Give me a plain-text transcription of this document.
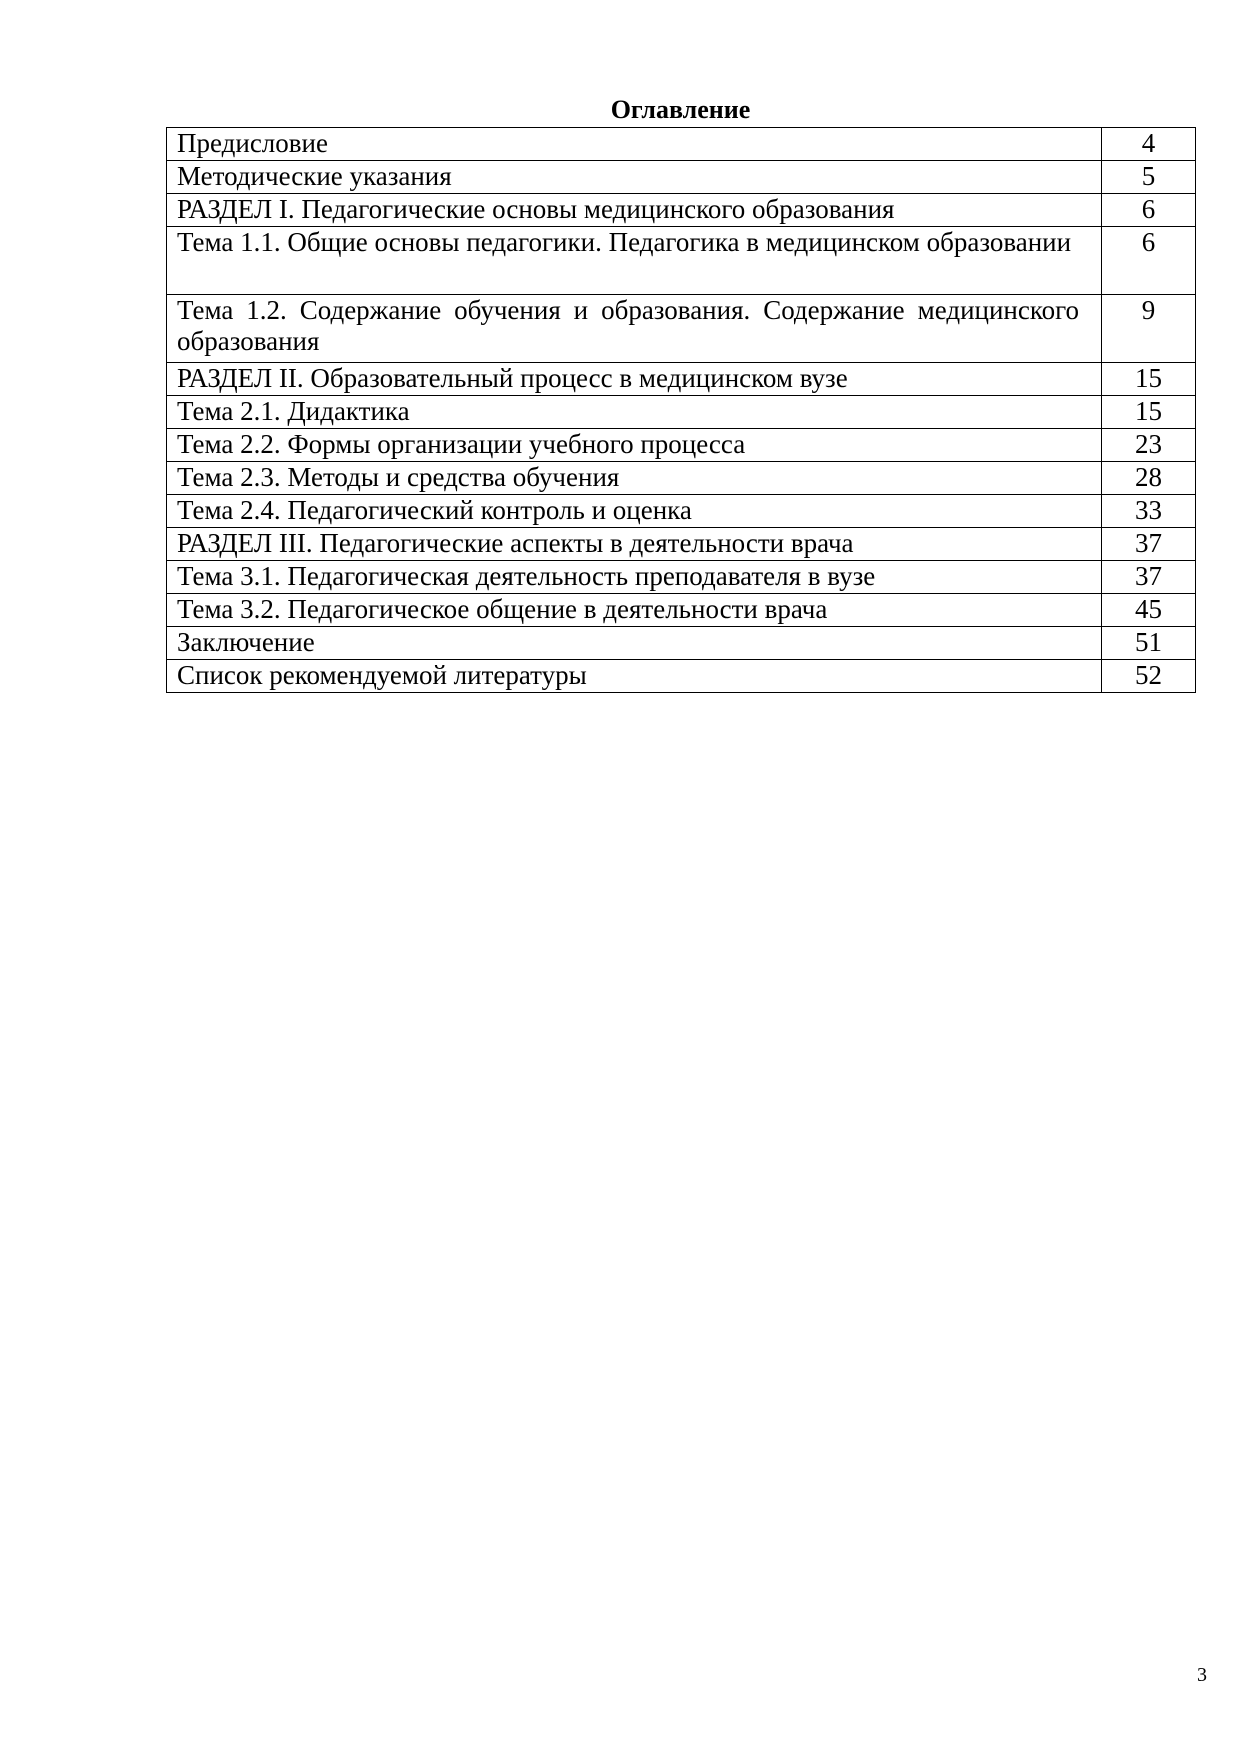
Оглавление
Предисловие	4
Методические указания	5
РАЗДЕЛ I. Педагогические основы медицинского образования	6
Тема 1.1. Общие основы педагогики. Педагогика в медицинском образовании	6
Тема 1.2. Содержание обучения и образования. Содержание медицинского образования	9
РАЗДЕЛ II. Образовательный процесс в медицинском вузе	15
Тема 2.1. Дидактика	15
Тема 2.2. Формы организации учебного процесса	23
Тема 2.3. Методы и средства обучения	28
Тема 2.4. Педагогический контроль и оценка	33
РАЗДЕЛ III. Педагогические аспекты в деятельности врача	37
Тема 3.1. Педагогическая деятельность преподавателя в вузе	37
Тема 3.2. Педагогическое общение в деятельности врача	45
Заключение	51
Список рекомендуемой литературы	52
3
